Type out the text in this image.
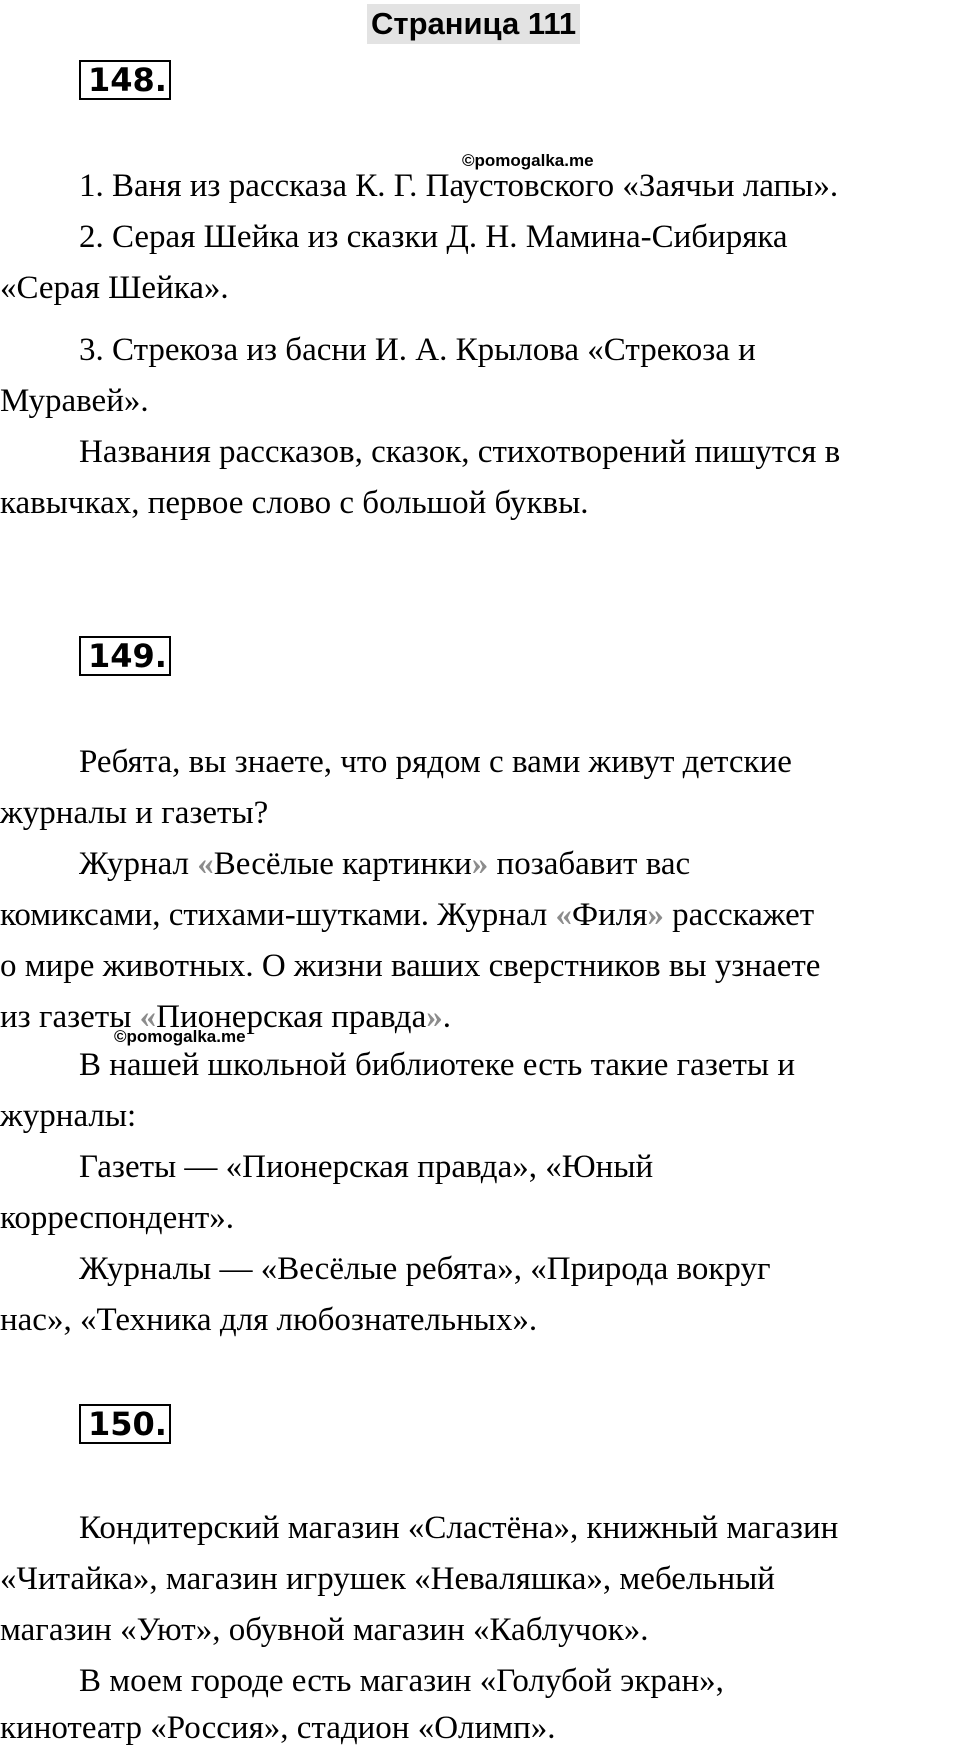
Страница 111
148.
©pomogalka.me
1. Ваня из рассказа К. Г. Паустовского «Заячьи лапы».
2. Серая Шейка из сказки Д. Н. Мамина-Сибиряка
«Серая Шейка».
3. Стрекоза из басни И. А. Крылова «Стрекоза и
Муравей».
Названия рассказов, сказок, стихотворений пишутся в
кавычках, первое слово с большой буквы.
149.
Ребята, вы знаете, что рядом с вами живут детские
журналы и газеты?
Журнал «Весёлые картинки» позабавит вас
комиксами, стихами-шутками. Журнал «Филя» расскажет
о мире животных. О жизни ваших сверстников вы узнаете
из газеты «Пионерская правда».
©pomogalka.me
В нашей школьной библиотеке есть такие газеты и
журналы:
Газеты — «Пионерская правда», «Юный
корреспондент».
Журналы — «Весёлые ребята», «Природа вокруг
нас», «Техника для любознательных».
150.
Кондитерский магазин «Сластёна», книжный магазин
«Читайка», магазин игрушек «Неваляшка», мебельный
магазин «Уют», обувной магазин «Каблучок».
В моем городе есть магазин «Голубой экран»,
кинотеатр «Россия», стадион «Олимп».
